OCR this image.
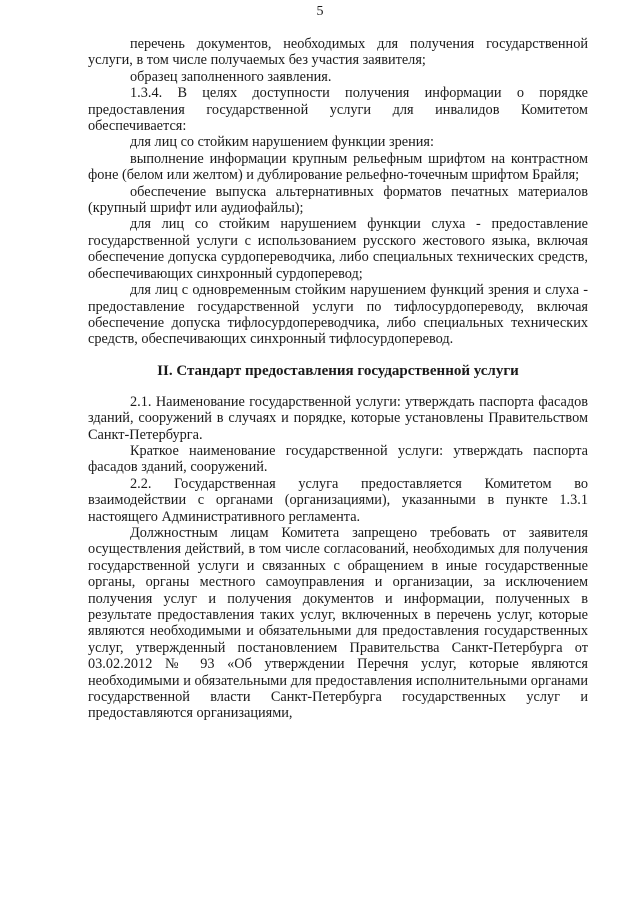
5

перечень документов, необходимых для получения государственной услуги, в том числе получаемых без участия заявителя;

образец заполненного заявления.

1.3.4. В целях доступности получения информации о порядке предоставления государственной услуги для инвалидов Комитетом обеспечивается:

для лиц со стойким нарушением функции зрения:

выполнение информации крупным рельефным шрифтом на контрастном фоне (белом или желтом) и дублирование рельефно-точечным шрифтом Брайля;

обеспечение выпуска альтернативных форматов печатных материалов (крупный шрифт или аудиофайлы);

для лиц со стойким нарушением функции слуха - предоставление государственной услуги с использованием русского жестового языка, включая обеспечение допуска сурдопереводчика, либо специальных технических средств, обеспечивающих синхронный сурдоперевод;

для лиц с одновременным стойким нарушением функций зрения и слуха - предоставление государственной услуги по тифлосурдопереводу, включая обеспечение допуска тифлосурдопереводчика, либо специальных технических средств, обеспечивающих синхронный тифлосурдоперевод.

II. Стандарт предоставления государственной услуги

2.1. Наименование государственной услуги: утверждать паспорта фасадов зданий, сооружений в случаях и порядке, которые установлены Правительством Санкт-Петербурга.

Краткое наименование государственной услуги: утверждать паспорта фасадов зданий, сооружений.

2.2. Государственная услуга предоставляется Комитетом во взаимодействии с органами (организациями), указанными в пункте 1.3.1 настоящего Административного регламента.

Должностным лицам Комитета запрещено требовать от заявителя осуществления действий, в том числе согласований, необходимых для получения государственной услуги и связанных с обращением в иные государственные органы, органы местного самоуправления и организации, за исключением получения услуг и получения документов и информации, полученных в результате предоставления таких услуг, включенных в перечень услуг, которые являются необходимыми и обязательными для предоставления государственных услуг, утвержденный постановлением Правительства Санкт-Петербурга от 03.02.2012 № 93 «Об утверждении Перечня услуг, которые являются необходимыми и обязательными для предоставления исполнительными органами государственной власти Санкт-Петербурга государственных услуг и предоставляются организациями,
